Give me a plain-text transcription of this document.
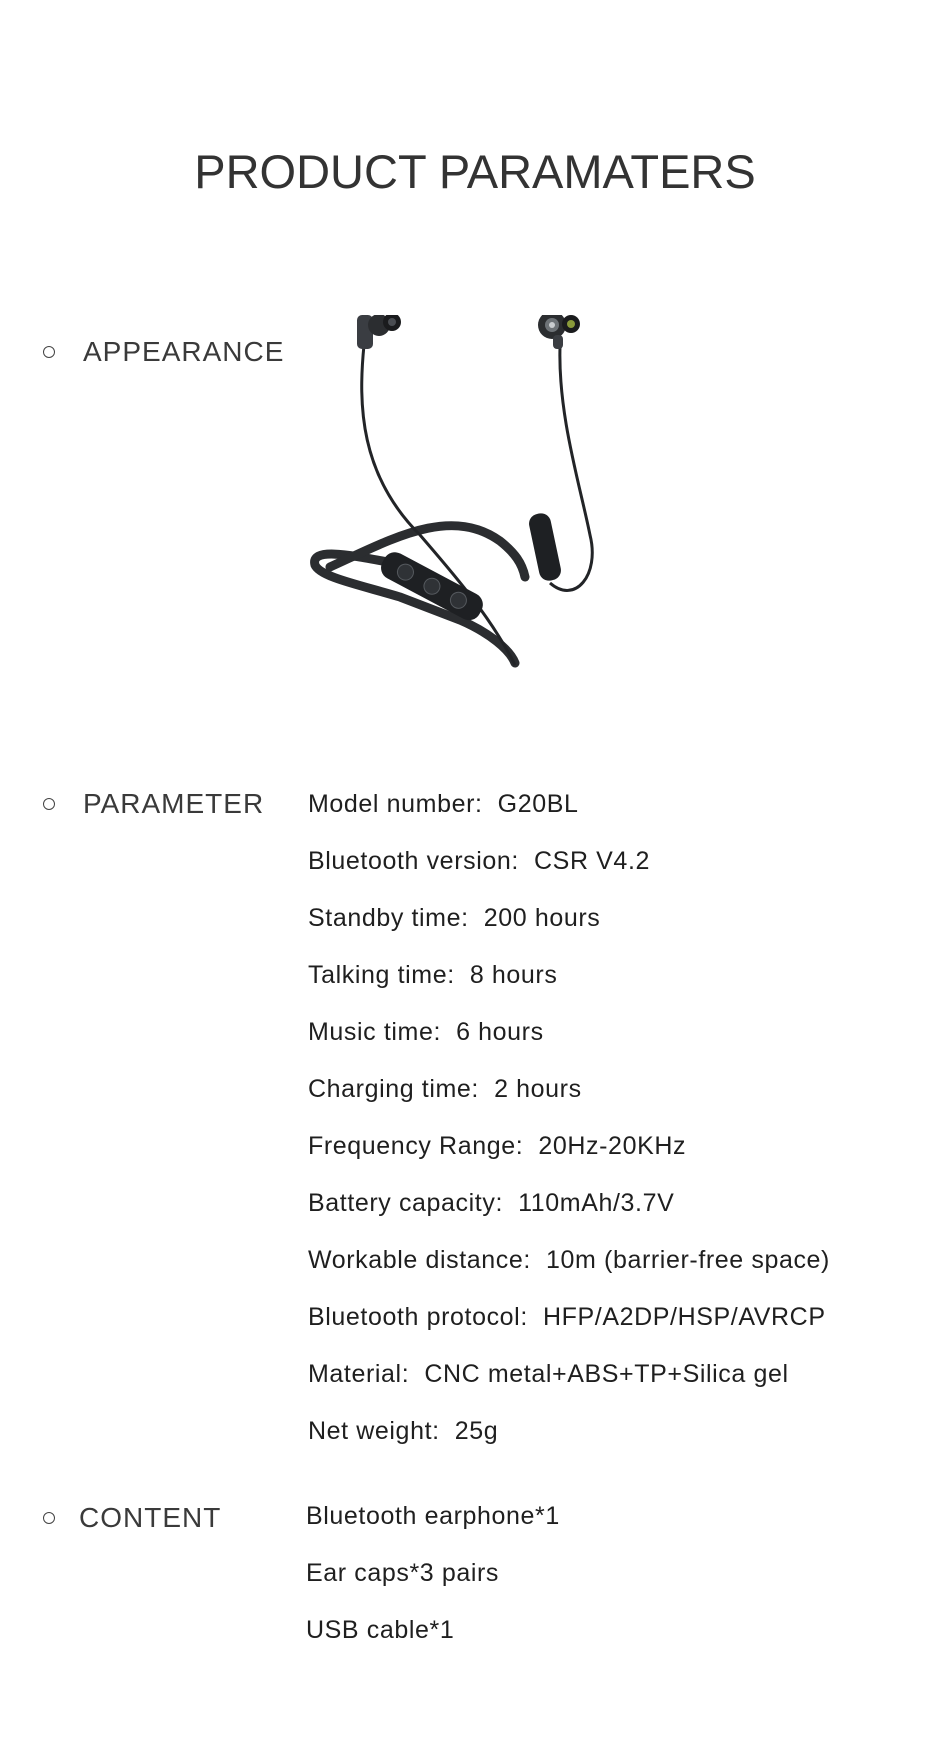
PRODUCT PARAMATERS
APPEARANCE
PARAMETER Model number: G20BL
Bluetooth version: CSR V4.2
Standby time: 200 hours
Talking time: 8 hours
Music time: 6 hours
Charging time: 2 hours
Frequency Range: 20Hz-20KHz
Battery capacity: 110mAh/3.7V
Workable distance: 10m (barrier-free space)
Bluetooth protocol: HFP/A2DP/HSP/AVRCP
Material: CNC metal+ABS+TP+Silica gel
Net weight: 25g
CONTENT	Bluetooth earphone*1
Ear caps*3 pairs
USB cable*1
